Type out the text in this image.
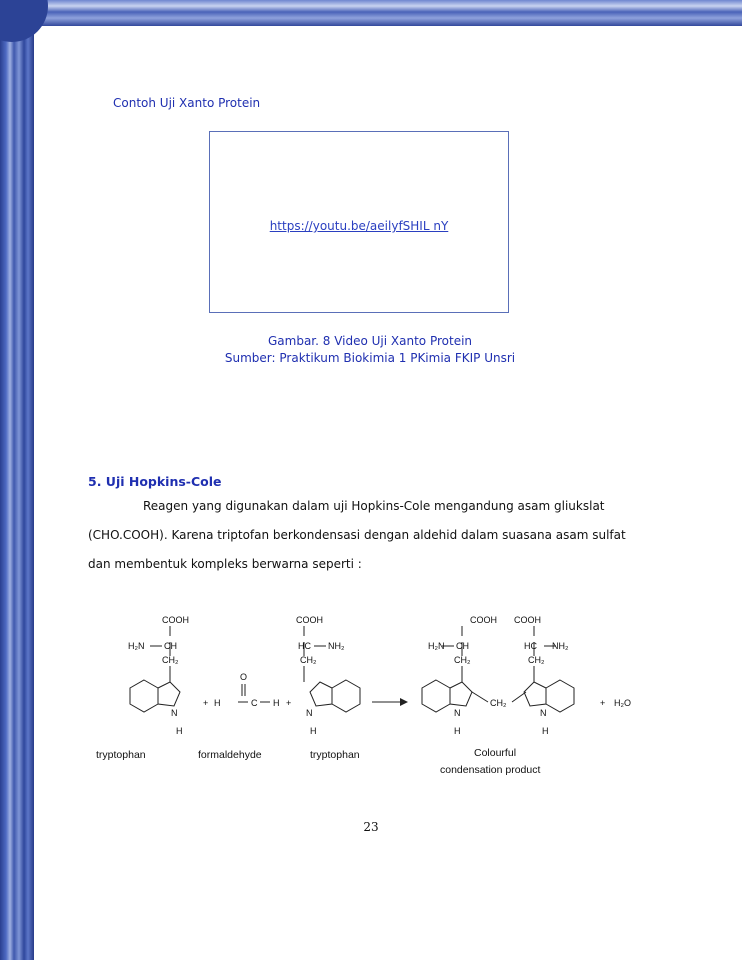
Contoh Uji Xanto Protein
https://youtu.be/aeilyfSHIL nY
Gambar. 8 Video Uji Xanto Protein
Sumber: Praktikum Biokimia 1 PKimia FKIP Unsri
5. Uji Hopkins-Cole
Reagen yang digunakan dalam uji Hopkins-Cole mengandung asam gliukslat
(CHO.COOH). Karena triptofan berkondensasi dengan aldehid dalam suasana asam sulfat
dan membentuk kompleks berwarna seperti :
COOH
H₂N CH
CH₂
N
H
+ H
O
C H +
COOH
HC NH₂
CH₂
N
H
COOH
H₂N CH
CH₂
N
H
CH₂
COOH
HC NH₂
CH₂
N
H
+ H₂O
tryptophan	formaldehyde	tryptophan	Colourful
condensation product
23
